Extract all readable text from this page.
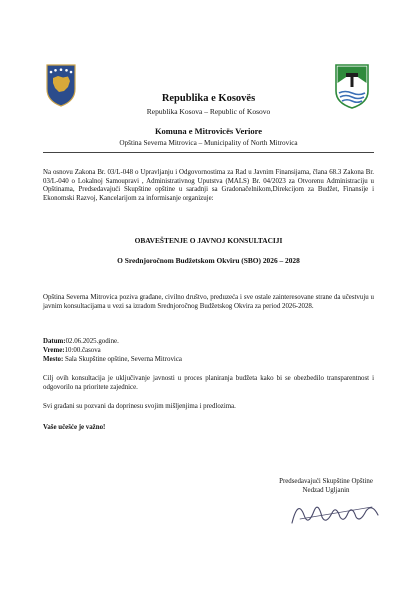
Republika e Kosovës
Republika Kosova – Republic of Kosovo
Komuna e Mitrovicës Veriore
Opština Severna Mitrovica – Municipality of North Mitrovica
Na osnovu Zakona Br. 03/L-048 o Upravljanju i Odgovornostima za Rad u Javnim Finansijama, člana 68.3 Zakona Br. 03/L-040 o Lokalnoj Samoupravi , Administrativnog Uputstva (MALS) Br. 04/2023 za Otvorenu Administraciju u Opštinama, Predsedavajući Skupštine opštine u saradnji sa Gradonačelnikom,Direkcijom za Budžet, Finansije i Ekonomski Razvoj, Kancelarijom za informisanje organizuje:
OBAVEŠTENJE O JAVNOJ KONSULTACIJI
O Srednjoročnom Budžetskom Okviru (SBO) 2026 – 2028
Opština Severna Mitrovica poziva građane, civilno društvo, preduzeća i sve ostale zainteresovane strane da učestvuju u javnim konsultacijama u vezi sa izradom Srednjoročnog Budžetskog Okvira za period 2026-2028.
Datum:02.06.2025.godine.
Vreme:10:00.časova
Mesto: Sala Skupštine opštine, Severna Mitrovica
Cilj ovih konsultacija je uključivanje javnosti u proces planiranja budžeta kako bi se obezbedilo transparentnost i odgovorilo na prioritete zajednice.
Svi građani su pozvani da doprinesu svojim mišljenjima i predlozima.
Vaše učešće je važno!
Predsedavajući Skupštine Opštine
Nedzad Ugljanin
